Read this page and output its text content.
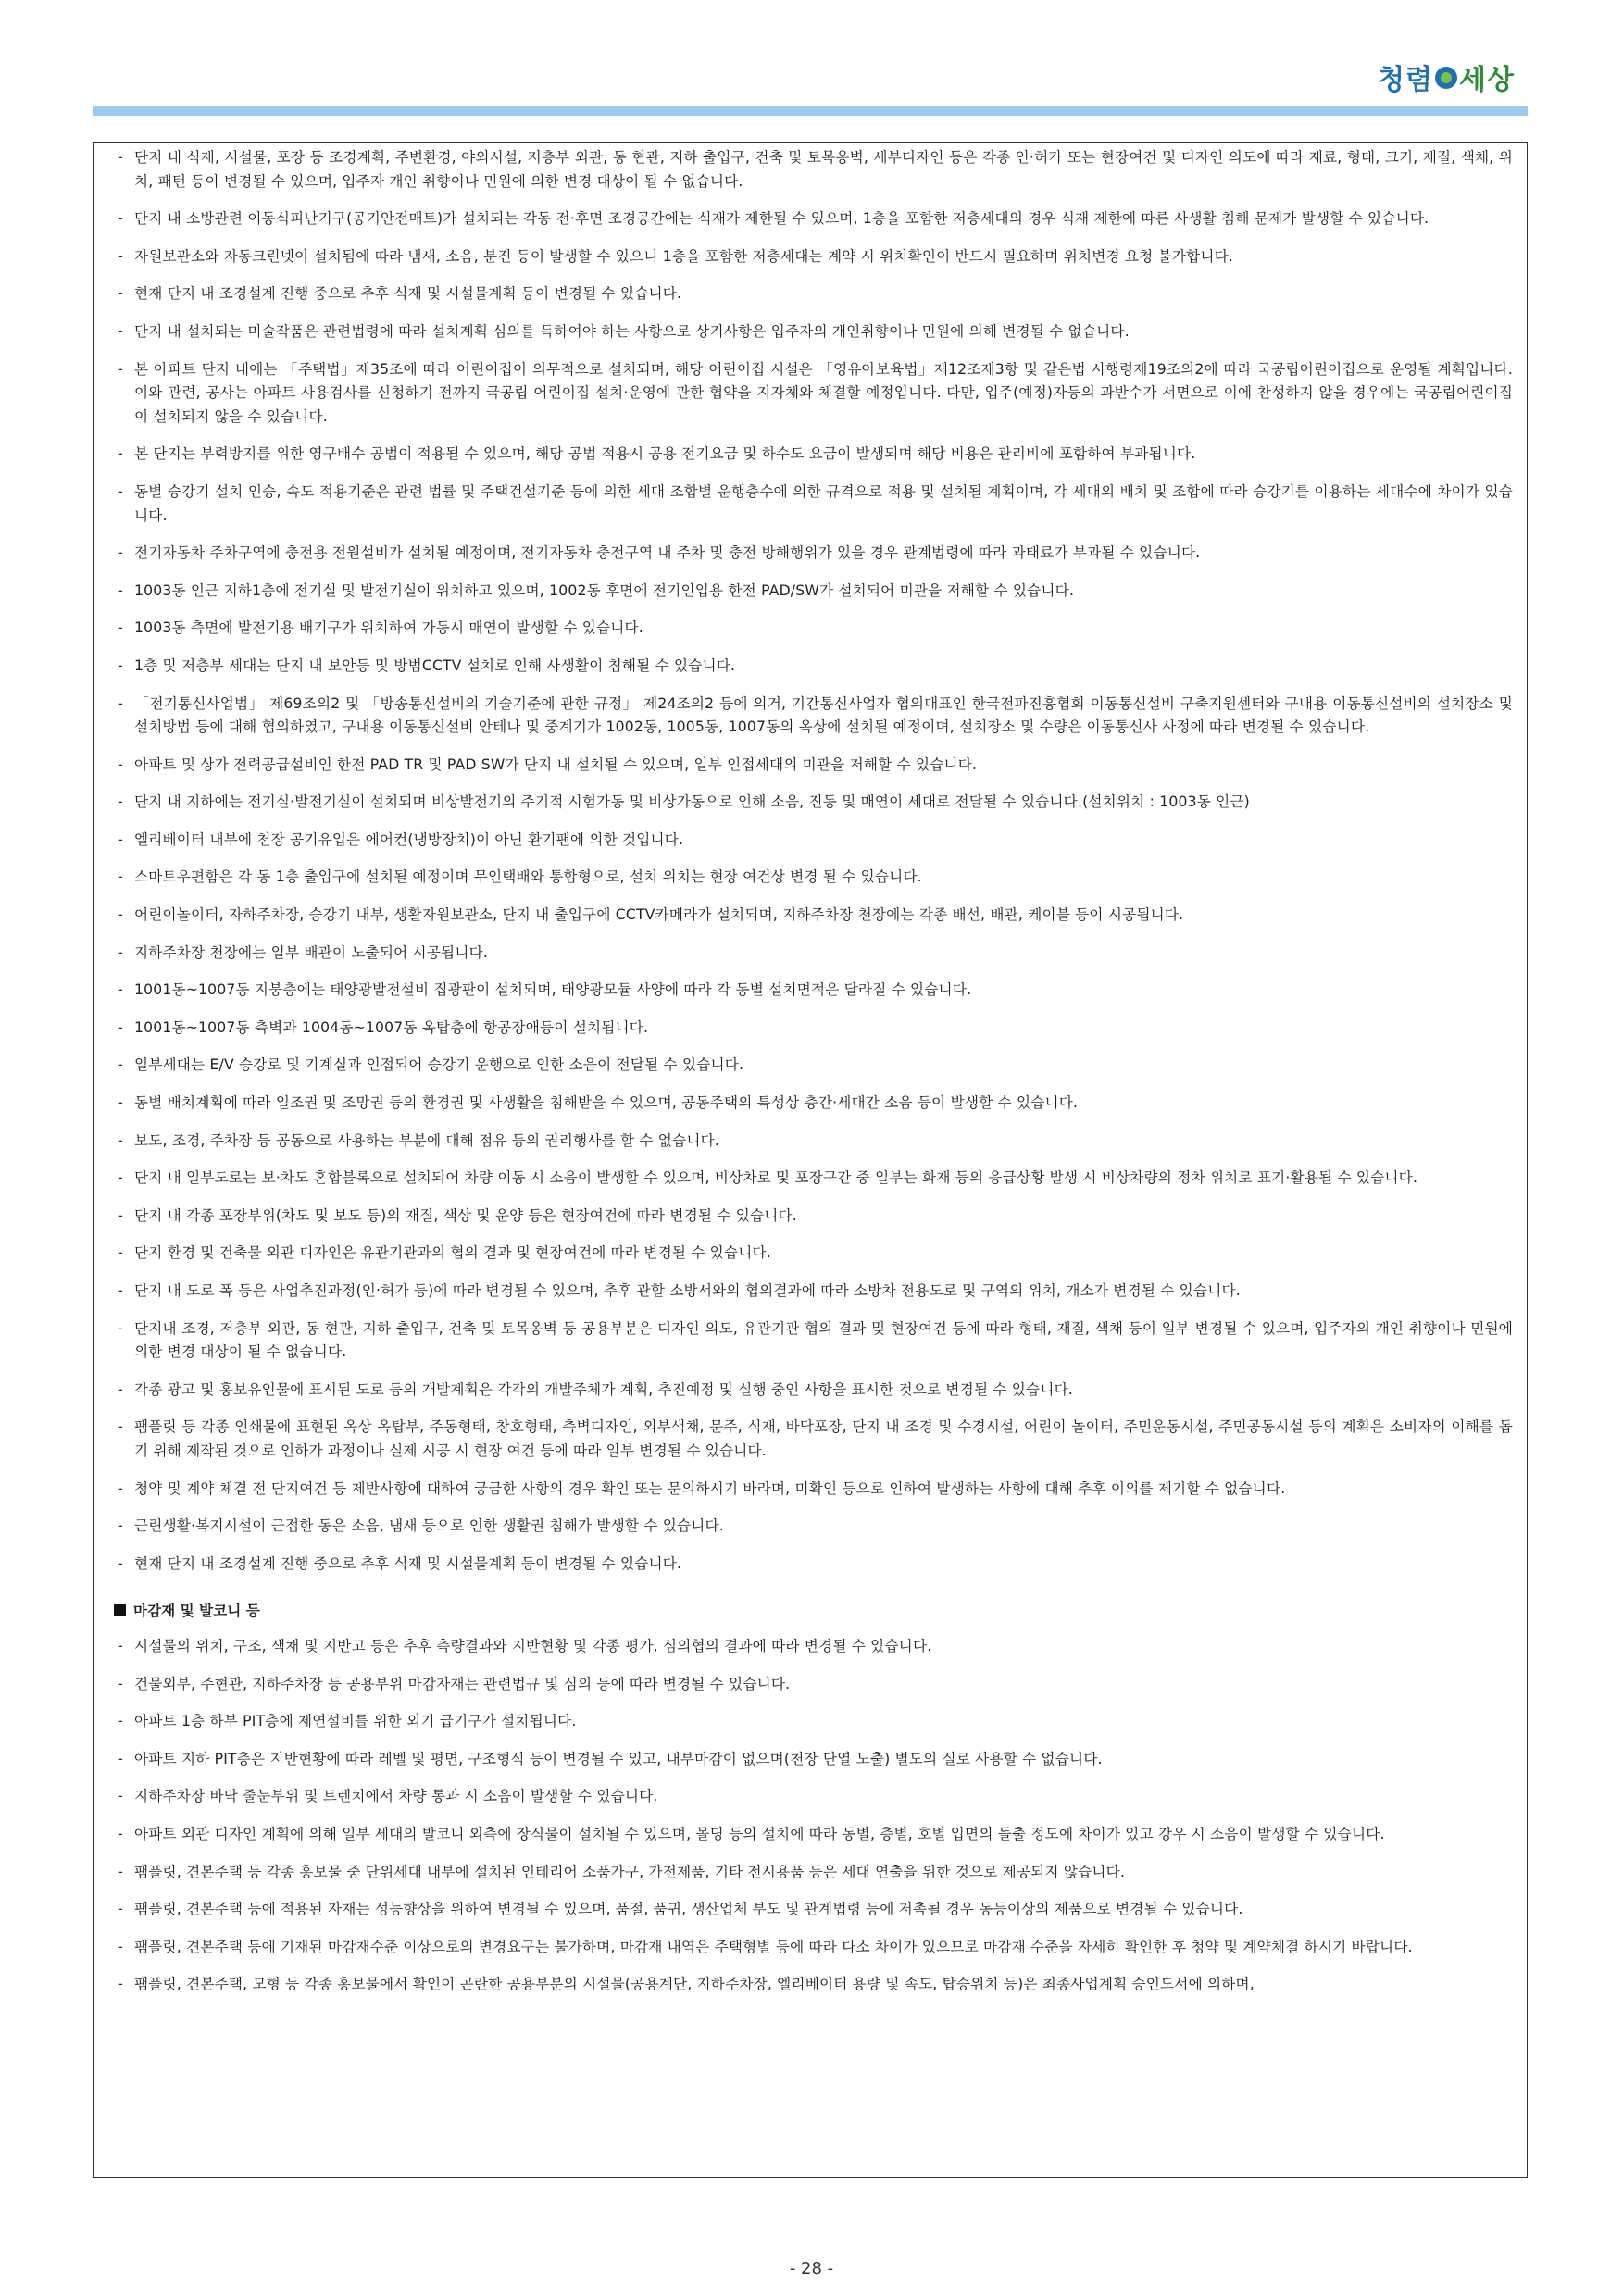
청렴 세상
- 단지 내 식재, 시설물, 포장 등 조경계획, 주변환경, 야외시설, 저층부 외관, 동 현관, 지하 출입구, 건축 및 토목옹벽, 세부디자인 등은 각종 인·허가 또는 현장여건 및 디자인 의도에 따라 재료, 형태, 크기, 재질, 색채, 위치, 패턴 등이 변경될 수 있으며, 입주자 개인 취향이나 민원에 의한 변경 대상이 될 수 없습니다.
- 단지 내 소방관련 이동식피난기구(공기안전매트)가 설치되는 각동 전·후면 조경공간에는 식재가 제한될 수 있으며, 1층을 포함한 저층세대의 경우 식재 제한에 따른 사생활 침해 문제가 발생할 수 있습니다.
- 자원보관소와 자동크린넷이 설치됨에 따라 냄새, 소음, 분진 등이 발생할 수 있으니 1층을 포함한 저층세대는 계약 시 위치확인이 반드시 필요하며 위치변경 요청 불가합니다.
- 현재 단지 내 조경설계 진행 중으로 추후 식재 및 시설물계획 등이 변경될 수 있습니다.
- 단지 내 설치되는 미술작품은 관련법령에 따라 설치계획 심의를 득하여야 하는 사항으로 상기사항은 입주자의 개인취향이나 민원에 의해 변경될 수 없습니다.
- 본 아파트 단지 내에는 「주택법」제35조에 따라 어린이집이 의무적으로 설치되며, 해당 어린이집 시설은 「영유아보육법」제12조제3항 및 같은법 시행령제19조의2에 따라 국공립어린이집으로 운영될 계획입니다. 이와 관련, 공사는 아파트 사용검사를 신청하기 전까지 국공립 어린이집 설치·운영에 관한 협약을 지자체와 체결할 예정입니다. 다만, 입주(예정)자등의 과반수가 서면으로 이에 찬성하지 않을 경우에는 국공립어린이집이 설치되지 않을 수 있습니다.
- 본 단지는 부력방지를 위한 영구배수 공법이 적용될 수 있으며, 해당 공법 적용시 공용 전기요금 및 하수도 요금이 발생되며 해당 비용은 관리비에 포함하여 부과됩니다.
- 동별 승강기 설치 인승, 속도 적용기준은 관련 법률 및 주택건설기준 등에 의한 세대 조합별 운행층수에 의한 규격으로 적용 및 설치될 계획이며, 각 세대의 배치 및 조합에 따라 승강기를 이용하는 세대수에 차이가 있습니다.
- 전기자동차 주차구역에 충전용 전원설비가 설치될 예정이며, 전기자동차 충전구역 내 주차 및 충전 방해행위가 있을 경우 관계법령에 따라 과태료가 부과될 수 있습니다.
- 1003동 인근 지하1층에 전기실 및 발전기실이 위치하고 있으며, 1002동 후면에 전기인입용 한전 PAD/SW가 설치되어 미관을 저해할 수 있습니다.
- 1003동 측면에 발전기용 배기구가 위치하여 가동시 매연이 발생할 수 있습니다.
- 1층 및 저층부 세대는 단지 내 보안등 및 방범CCTV 설치로 인해 사생활이 침해될 수 있습니다.
- 「전기통신사업법」 제69조의2 및 「방송통신설비의 기술기준에 관한 규정」 제24조의2 등에 의거, 기간통신사업자 협의대표인 한국전파진흥협회 이동통신설비 구축지원센터와 구내용 이동통신설비의 설치장소 및 설치방법 등에 대해 협의하였고, 구내용 이동통신설비 안테나 및 중계기가 1002동, 1005동, 1007동의 옥상에 설치될 예정이며, 설치장소 및 수량은 이동통신사 사정에 따라 변경될 수 있습니다.
- 아파트 및 상가 전력공급설비인 한전 PAD TR 및 PAD SW가 단지 내 설치될 수 있으며, 일부 인접세대의 미관을 저해할 수 있습니다.
- 단지 내 지하에는 전기실·발전기실이 설치되며 비상발전기의 주기적 시험가동 및 비상가동으로 인해 소음, 진동 및 매연이 세대로 전달될 수 있습니다.(설치위치 : 1003동 인근)
- 엘리베이터 내부에 천장 공기유입은 에어컨(냉방장치)이 아닌 환기팬에 의한 것입니다.
- 스마트우편함은 각 동 1층 출입구에 설치될 예정이며 무인택배와 통합형으로, 설치 위치는 현장 여건상 변경 될 수 있습니다.
- 어린이놀이터, 자하주차장, 승강기 내부, 생활자원보관소, 단지 내 출입구에 CCTV카메라가 설치되며, 지하주차장 천장에는 각종 배선, 배관, 케이블 등이 시공됩니다.
- 지하주차장 천장에는 일부 배관이 노출되어 시공됩니다.
- 1001동~1007동 지붕층에는 태양광발전설비 집광판이 설치되며, 태양광모듈 사양에 따라 각 동별 설치면적은 달라질 수 있습니다.
- 1001동~1007동 측벽과 1004동~1007동 옥탑층에 항공장애등이 설치됩니다.
- 일부세대는 E/V 승강로 및 기계실과 인접되어 승강기 운행으로 인한 소음이 전달될 수 있습니다.
- 동별 배치계획에 따라 일조권 및 조망권 등의 환경권 및 사생활을 침해받을 수 있으며, 공동주택의 특성상 층간·세대간 소음 등이 발생할 수 있습니다.
- 보도, 조경, 주차장 등 공동으로 사용하는 부분에 대해 점유 등의 권리행사를 할 수 없습니다.
- 단지 내 일부도로는 보·차도 혼합블록으로 설치되어 차량 이동 시 소음이 발생할 수 있으며, 비상차로 및 포장구간 중 일부는 화재 등의 응급상황 발생 시 비상차량의 정차 위치로 표기·활용될 수 있습니다.
- 단지 내 각종 포장부위(차도 및 보도 등)의 재질, 색상 및 운양 등은 현장여건에 따라 변경될 수 있습니다.
- 단지 환경 및 건축물 외관 디자인은 유관기관과의 협의 결과 및 현장여건에 따라 변경될 수 있습니다.
- 단지 내 도로 폭 등은 사업추진과정(인‧허가 등)에 따라 변경될 수 있으며, 추후 관할 소방서와의 협의결과에 따라 소방차 전용도로 및 구역의 위치, 개소가 변경될 수 있습니다.
- 단지내 조경, 저층부 외관, 동 현관, 지하 출입구, 건축 및 토목옹벽 등 공용부분은 디자인 의도, 유관기관 협의 결과 및 현장여건 등에 따라 형태, 재질, 색채 등이 일부 변경될 수 있으며, 입주자의 개인 취향이나 민원에 의한 변경 대상이 될 수 없습니다.
- 각종 광고 및 홍보유인물에 표시된 도로 등의 개발계획은 각각의 개발주체가 계획, 추진예정 및 실행 중인 사항을 표시한 것으로 변경될 수 있습니다.
- 팸플릿 등 각종 인쇄물에 표현된 옥상 옥탑부, 주동형태, 창호형태, 측벽디자인, 외부색채, 문주, 식재, 바닥포장, 단지 내 조경 및 수경시설, 어린이 놀이터, 주민운동시설, 주민공동시설 등의 계획은 소비자의 이해를 돕기 위해 제작된 것으로 인하가 과정이나 실제 시공 시 현장 여건 등에 따라 일부 변경될 수 있습니다.
- 청약 및 계약 체결 전 단지여건 등 제반사항에 대하여 궁금한 사항의 경우 확인 또는 문의하시기 바라며, 미확인 등으로 인하여 발생하는 사항에 대해 추후 이의를 제기할 수 없습니다.
- 근린생활·복지시설이 근접한 동은 소음, 냄새 등으로 인한 생활권 침해가 발생할 수 있습니다.
- 현재 단지 내 조경설계 진행 중으로 추후 식재 및 시설물계획 등이 변경될 수 있습니다.
마감재 및 발코니 등
- 시설물의 위치, 구조, 색채 및 지반고 등은 추후 측량결과와 지반현황 및 각종 평가, 심의협의 결과에 따라 변경될 수 있습니다.
- 건물외부, 주현관, 지하주차장 등 공용부위 마감자재는 관련법규 및 심의 등에 따라 변경될 수 있습니다.
- 아파트 1층 하부 PIT층에 제연설비를 위한 외기 급기구가 설치됩니다.
- 아파트 지하 PIT층은 지반현황에 따라 레벨 및 평면, 구조형식 등이 변경될 수 있고, 내부마감이 없으며(천장 단열 노출) 별도의 실로 사용할 수 없습니다.
- 지하주차장 바닥 줄눈부위 및 트렌치에서 차량 통과 시 소음이 발생할 수 있습니다.
- 아파트 외관 디자인 계획에 의해 일부 세대의 발코니 외측에 장식물이 설치될 수 있으며, 몰딩 등의 설치에 따라 동별, 층별, 호별 입면의 돌출 정도에 차이가 있고 강우 시 소음이 발생할 수 있습니다.
- 팸플릿, 견본주택 등 각종 홍보물 중 단위세대 내부에 설치된 인테리어 소품가구, 가전제품, 기타 전시용품 등은 세대 연출을 위한 것으로 제공되지 않습니다.
- 팸플릿, 견본주택 등에 적용된 자재는 성능향상을 위하여 변경될 수 있으며, 품절, 품귀, 생산업체 부도 및 관계법령 등에 저촉될 경우 동등이상의 제품으로 변경될 수 있습니다.
- 팸플릿, 견본주택 등에 기재된 마감재수준 이상으로의 변경요구는 불가하며, 마감재 내역은 주택형별 등에 따라 다소 차이가 있으므로 마감재 수준을 자세히 확인한 후 청약 및 계약체결 하시기 바랍니다.
- 팸플릿, 견본주택, 모형 등 각종 홍보물에서 확인이 곤란한 공용부분의 시설물(공용계단, 지하주차장, 엘리베이터 용량 및 속도, 탑승위치 등)은 최종사업계획 승인도서에 의하며,
- 28 -
